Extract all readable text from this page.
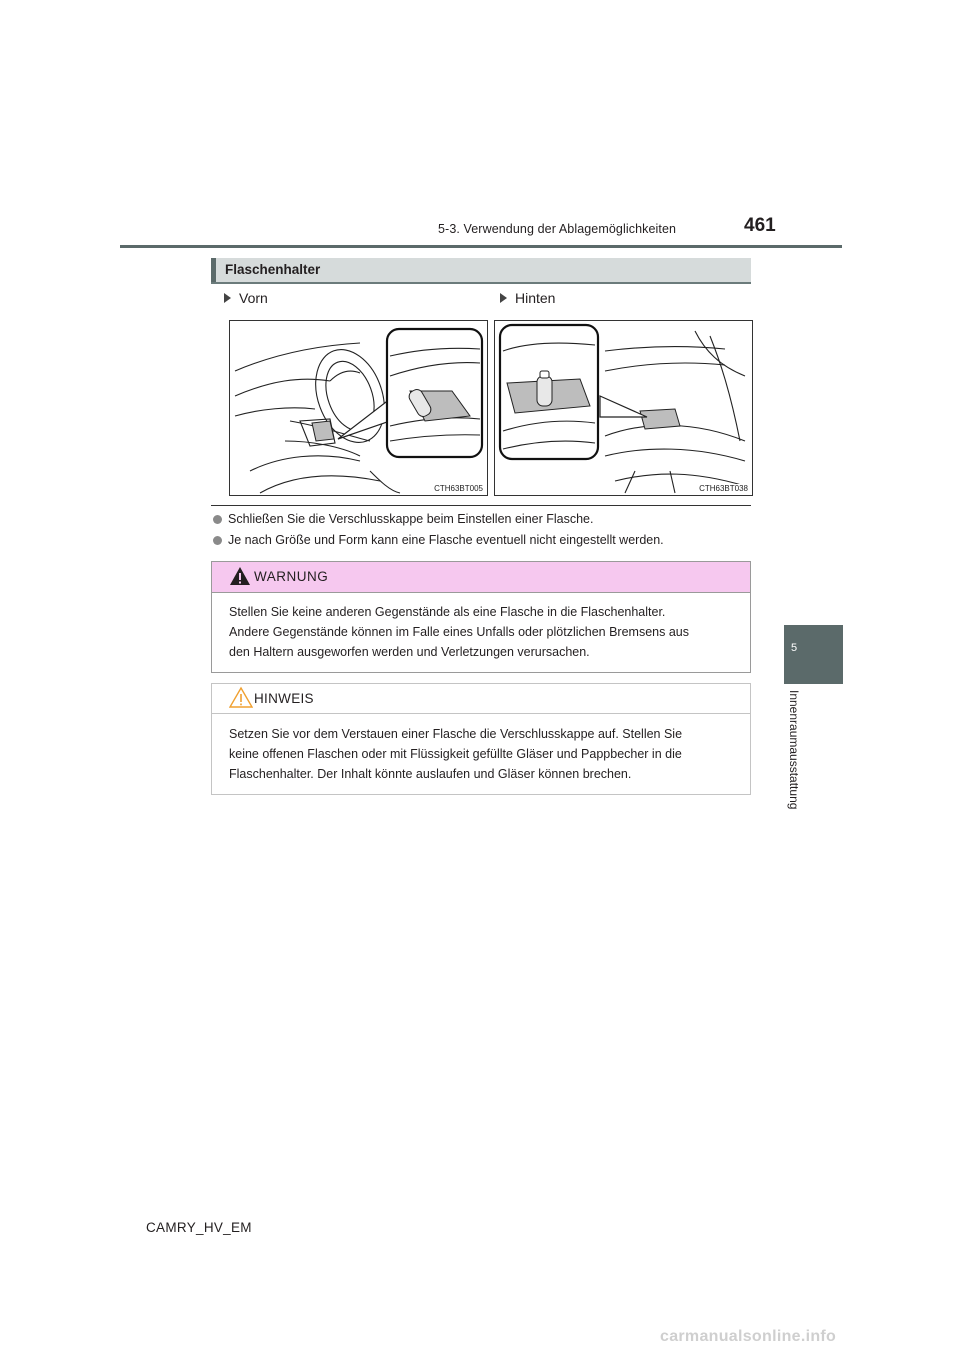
5-3. Verwendung der Ablagemöglichkeiten	461
5
Innenraumausstattung
Flaschenhalter
Vorn	Hinten
CTH63BT005	CTH63BT038
Schließen Sie die Verschlusskappe beim Einstellen einer Flasche.
Je nach Größe und Form kann eine Flasche eventuell nicht eingestellt werden.
WARNUNG
Stellen Sie keine anderen Gegenstände als eine Flasche in die Flaschenhalter.
Andere Gegenstände können im Falle eines Unfalls oder plötzlichen Bremsens aus
den Haltern ausgeworfen werden und Verletzungen verursachen.
HINWEIS
Setzen Sie vor dem Verstauen einer Flasche die Verschlusskappe auf. Stellen Sie
keine offenen Flaschen oder mit Flüssigkeit gefüllte Gläser und Pappbecher in die
Flaschenhalter. Der Inhalt könnte auslaufen und Gläser können brechen.
CAMRY_HV_EM
carmanualsonline.info
